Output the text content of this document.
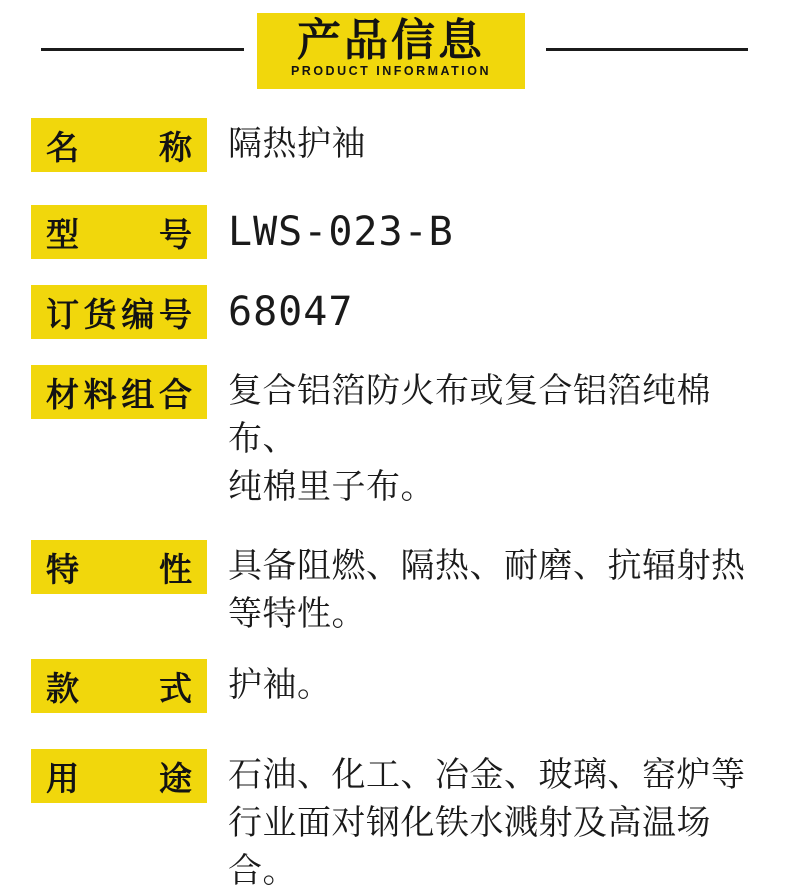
产品信息
PRODUCT INFORMATION
名 称 隔热护袖
型 号 LWS-023-B
订 货 编 号 68047
材 料 组 合 复合铝箔防火布或复合铝箔纯棉布、
纯棉里子布。
特 性 具备阻燃、隔热、耐磨、抗辐射热
等特性。
款 式 护袖。
用 途 石油、化工、冶金、玻璃、窑炉等
行业面对钢化铁水溅射及高温场合。
